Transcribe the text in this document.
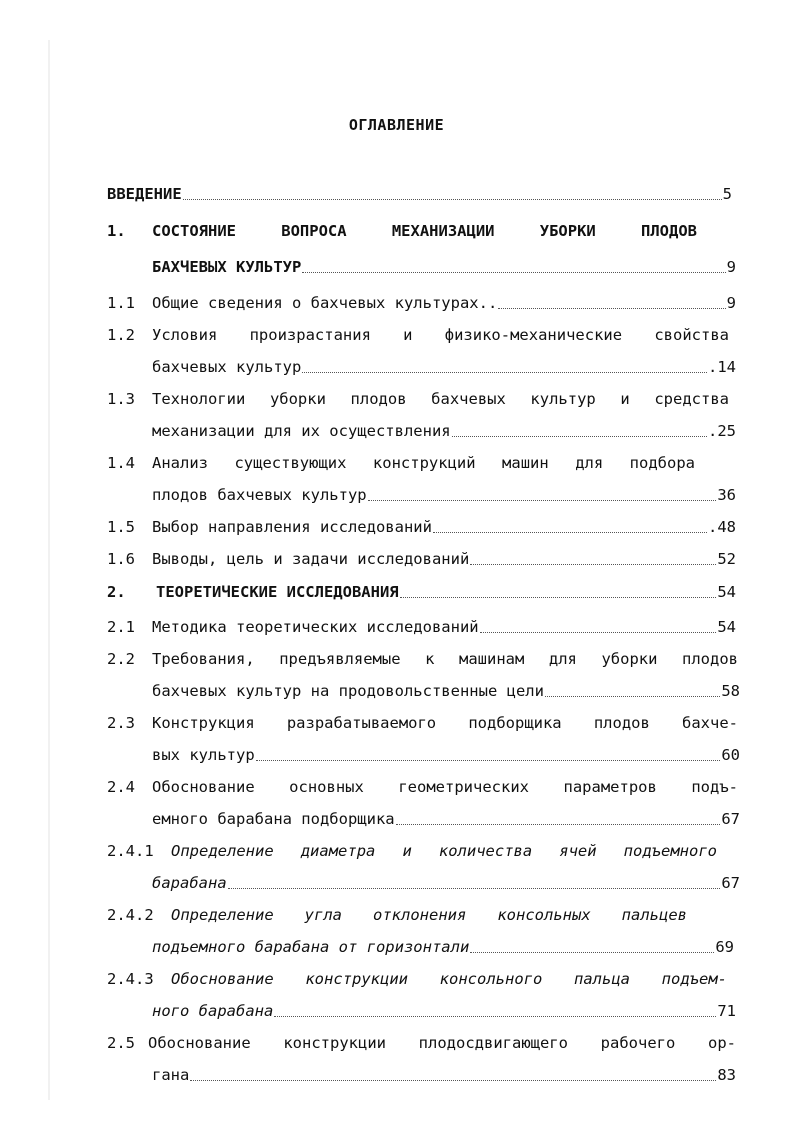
ОГЛАВЛЕНИЕ
ВВЕДЕНИЕ	5
1. СОСТОЯНИЕ ВОПРОСА МЕХАНИЗАЦИИ УБОРКИ ПЛОДОВ
БАХЧЕВЫХ КУЛЬТУР	9
1.1 Общие сведения о бахчевых культурах..	9
1.2 Условия произрастания и физико-механические свойства
бахчевых культур	.14
1.3 Технологии уборки плодов бахчевых культур и средства
механизации для их осуществления	.25
1.4 Анализ существующих конструкций машин для подбора
плодов бахчевых культур	36
1.5 Выбор направления исследований	.48
1.6 Выводы, цель и задачи исследований	52
2. ТЕОРЕТИЧЕСКИЕ ИССЛЕДОВАНИЯ	54
2.1 Методика теоретических исследований	54
2.2 Требования, предъявляемые к машинам для уборки плодов
бахчевых культур на продовольственные цели	58
2.3 Конструкция разрабатываемого подборщика плодов бахче-
вых культур	60
2.4 Обоснование основных геометрических параметров подъ-
емного барабана подборщика	67
2.4.1 Определение диаметра и количества ячей подъемного
барабана	67
2.4.2 Определение угла отклонения консольных пальцев
подъемного барабана от горизонтали	69
2.4.3 Обоснование конструкции консольного пальца подъем-
ного барабана	71
2.5 Обоснование конструкции плодосдвигающего рабочего ор-
гана	83
